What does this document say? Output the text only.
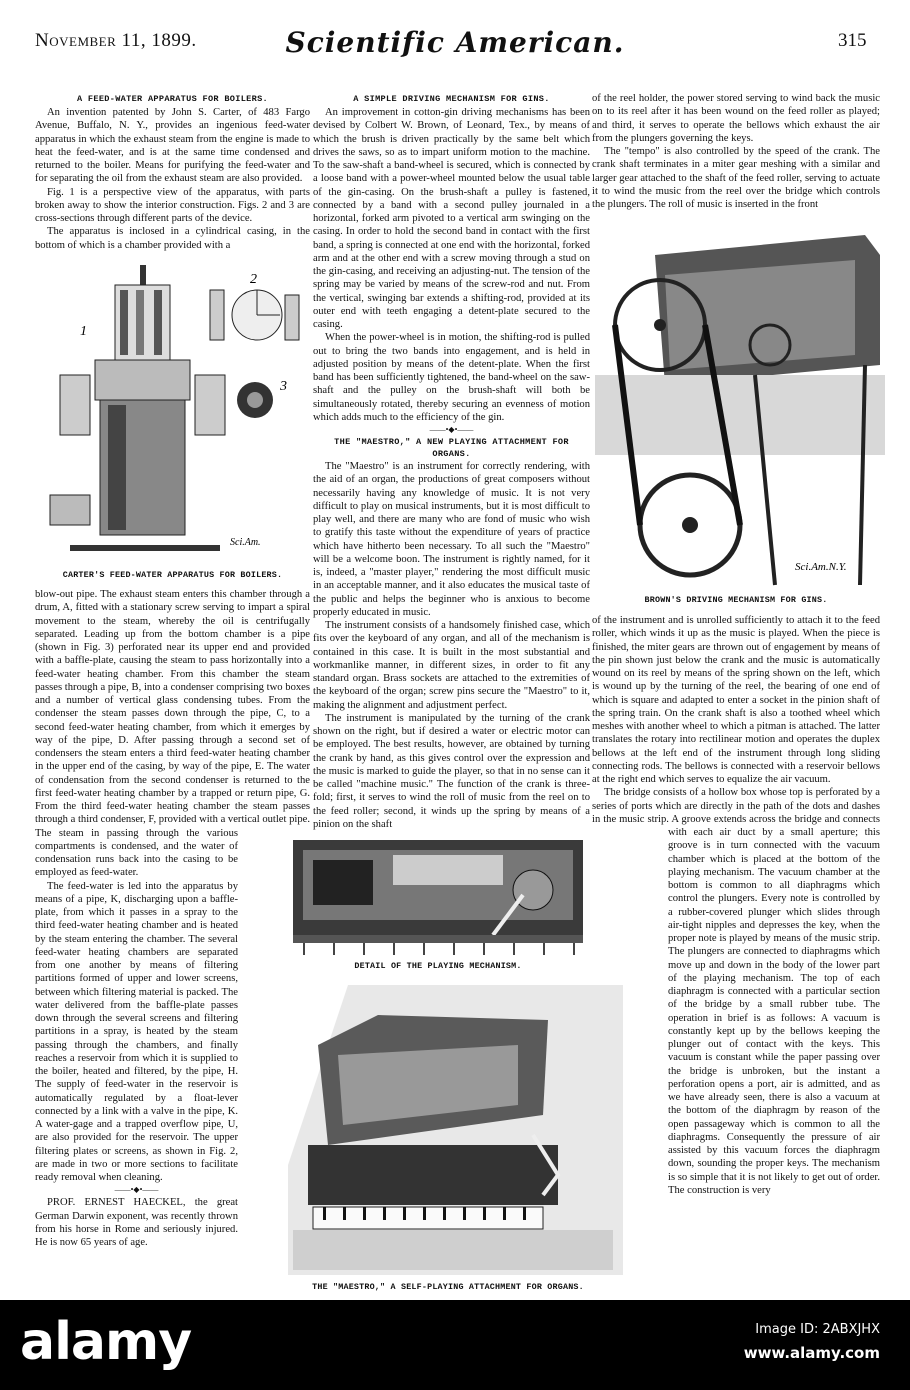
November 11, 1899.	Scientific American.	315
A FEED-WATER APPARATUS FOR BOILERS.

An invention patented by John S. Carter, of 483 Fargo Avenue, Buffalo, N. Y., provides an ingenious feed-water apparatus in which the exhaust steam from the engine is made to heat the feed-water, and is at the same time condensed and returned to the boiler. Means for purifying the feed-water and for separating the oil from the exhaust steam are also provided.

Fig. 1 is a perspective view of the apparatus, with parts broken away to show the interior construction. Figs. 2 and 3 are cross-sections through different parts of the device.

The apparatus is inclosed in a cylindrical casing, in the bottom of which is a chamber provided with a

1
2
3
Sci.Am.
CARTER'S FEED-WATER APPARATUS FOR BOILERS.

blow-out pipe. The exhaust steam enters this chamber through a drum, A, fitted with a stationary screw serving to impart a spiral movement to the steam, whereby the oil is centrifugally separated. Leading up from the bottom chamber is a pipe (shown in Fig. 3) perforated near its upper end and provided with a baffle-plate, causing the steam to pass horizontally into a feed-water heating chamber. From this chamber the steam passes through a pipe, B, into a condenser comprising two boxes and a number of vertical glass condensing tubes. From the condenser the steam passes down through the pipe, C, to a second feed-water heating chamber, from which it emerges by way of the pipe, D. After passing through a second set of condensers the steam enters a third feed-water heating chamber in the upper end of the casing, by way of the pipe, E. The water of condensation from the second condenser is returned to the first feed-water heating chamber by a trapped or return pipe, G. From the third feed-water heating chamber the steam passes through a third condenser, F, provided with a vertical outlet pipe. The steam in passing through the various compartments is condensed, and the water of condensation runs back into the casing to be employed as feed-water.

The feed-water is led into the apparatus by means of a pipe, K, discharging upon a baffle-plate, from which it passes in a spray to the third feed-water heating chamber and is heated by the steam entering the chamber. The several feed-water heating chambers are separated from one another by means of filtering partitions formed of upper and lower screens, between which filtering material is packed. The water delivered from the baffle-plate passes down through the several screens and filtering partitions in a spray, is heated by the steam passing through the chambers, and finally reaches a reservoir from which it is supplied to the boiler, heated and filtered, by the pipe, H. The supply of feed-water in the reservoir is automatically regulated by a float-lever connected by a link with a valve in the pipe, K. A water-gage and a trapped overflow pipe, U, are also provided for the reservoir. The upper filtering plates or screens, as shown in Fig. 2, are made in two or more sections to facilitate ready removal when cleaning.

——•◆•——

PROF. ERNEST HAECKEL, the great German Darwin exponent, was recently thrown from his horse in Rome and seriously injured. He is now 65 years of age.

A SIMPLE DRIVING MECHANISM FOR GINS.

An improvement in cotton-gin driving mechanisms has been devised by Colbert W. Brown, of Leonard, Tex., by means of which the brush is driven practically by the same belt which drives the saws, so as to impart uniform motion to the machine. To the saw-shaft a band-wheel is secured, which is connected by a loose band with a power-wheel mounted below the usual table of the gin-casing. On the brush-shaft a pulley is fastened, connected by a band with a second pulley journaled in a horizontal, forked arm pivoted to a vertical arm swinging on the casing. In order to hold the second band in contact with the first band, a spring is connected at one end with the horizontal, forked arm and at the other end with a screw moving through a stud on the gin-casing, and receiving an adjusting-nut. The tension of the spring may be varied by means of the screw-rod and nut. From the vertical, swinging bar extends a shifting-rod, provided at its outer end with teeth engaging a detent-plate secured to the casing.

When the power-wheel is in motion, the shifting-rod is pulled out to bring the two bands into engagement, and is held in adjusted position by means of the detent-plate. When the first band has been sufficiently tightened, the band-wheel on the saw-shaft and the pulley on the brush-shaft will both be simultaneously rotated, thereby securing an evenness of motion which adds much to the efficiency of the gin.

——•◆•——
THE "MAESTRO," A NEW PLAYING ATTACHMENT FOR ORGANS.

The "Maestro" is an instrument for correctly rendering, with the aid of an organ, the productions of great composers without necessarily having any knowledge of music. It is not very difficult to play on musical instruments, but it is most difficult to play well, and there are many who are fond of music who wish to gratify this taste without the expenditure of years of practice which have hitherto been necessary. To all such the "Maestro" will be a welcome boon. The instrument is rightly named, for it is, indeed, a "master player," rendering the most difficult music in an acceptable manner, and it also educates the musical taste of the public and helps the beginner who is anxious to become properly educated in music.

The instrument consists of a handsomely finished case, which fits over the keyboard of any organ, and all of the mechanism is contained in this case. It is built in the most substantial and workmanlike manner, in different sizes, in order to fit any standard organ. Brass sockets are attached to the extremities of the keyboard of the organ; screw pins secure the "Maestro" to it, making the alignment and adjustment perfect.

The instrument is manipulated by the turning of the crank shown on the right, but if desired a water or electric motor can be employed. The best results, however, are obtained by turning the crank by hand, as this gives control over the expression and the music is marked to guide the player, so that in no sense can it be called "machine music." The function of the crank is three-fold; first, it serves to wind the roll of music from the reel on to the feed roller; second, it winds up the spring by means of a pinion on the shaft

of the reel holder, the power stored serving to wind back the music on to its reel after it has been wound on the feed roller as played; and third, it serves to operate the bellows which exhaust the air from the plungers governing the keys.

The "tempo" is also controlled by the speed of the crank. The crank shaft terminates in a miter gear meshing with a similar and larger gear attached to the shaft of the feed roller, serving to actuate it to wind the music from the reel over the bridge which controls the plungers. The roll of music is inserted in the front

Sci.Am.N.Y.
BROWN'S DRIVING MECHANISM FOR GINS.

of the instrument and is unrolled sufficiently to attach it to the feed roller, which winds it up as the music is played. When the piece is finished, the miter gears are thrown out of engagement by means of the pin shown just below the crank and the music is automatically wound on its reel by means of the spring shown on the left, which is wound up by the turning of the reel, the bearing of one end of which is square and adapted to enter a socket in the pinion shaft of the spring train. On the crank shaft is also a toothed wheel which meshes with another wheel to which a pitman is attached. The latter translates the rotary into rectilinear motion and operates the duplex bellows at the left end of the instrument through long sliding connecting rods. The bellows is connected with a reservoir bellows at the right end which serves to equalize the air vacuum.

The bridge consists of a hollow box whose top is perforated by a series of ports which are directly in the path of the dots and dashes in the music strip. A groove extends across the bridge and connects with each air duct by a small aperture; this groove is in turn connected with the vacuum chamber which is placed at the bottom of the playing mechanism. The vacuum chamber at the bottom is common to all diaphragms which control the plungers. Every note is controlled by a rubber-covered plunger which slides through air-tight nipples and depresses the key, when the proper note is played by means of the music strip. The plungers are connected to diaphragms which move up and down in the body of the lower part of the playing mechanism. The top of each diaphragm is connected with a particular section of the bridge by a small rubber tube. The operation in brief is as follows: A vacuum is constantly kept up by the bellows keeping the plunger out of contact with the keys. This vacuum is constant while the paper passing over the bridge is unbroken, but the instant a perforation opens a port, air is admitted, and as we have already seen, there is also a vacuum at the bottom of the diaphragm by reason of the open passageway which is common to all the diaphragms. Consequently the pressure of air assisted by this vacuum forces the diaphragm down, sounding the proper keys. The mechanism is so simple that it is not likely to get out of order. The construction is very

DETAIL OF THE PLAYING MECHANISM.
THE "MAESTRO," A SELF-PLAYING ATTACHMENT FOR ORGANS.
alamy	Image ID: 2ABXJHX
www.alamy.com
